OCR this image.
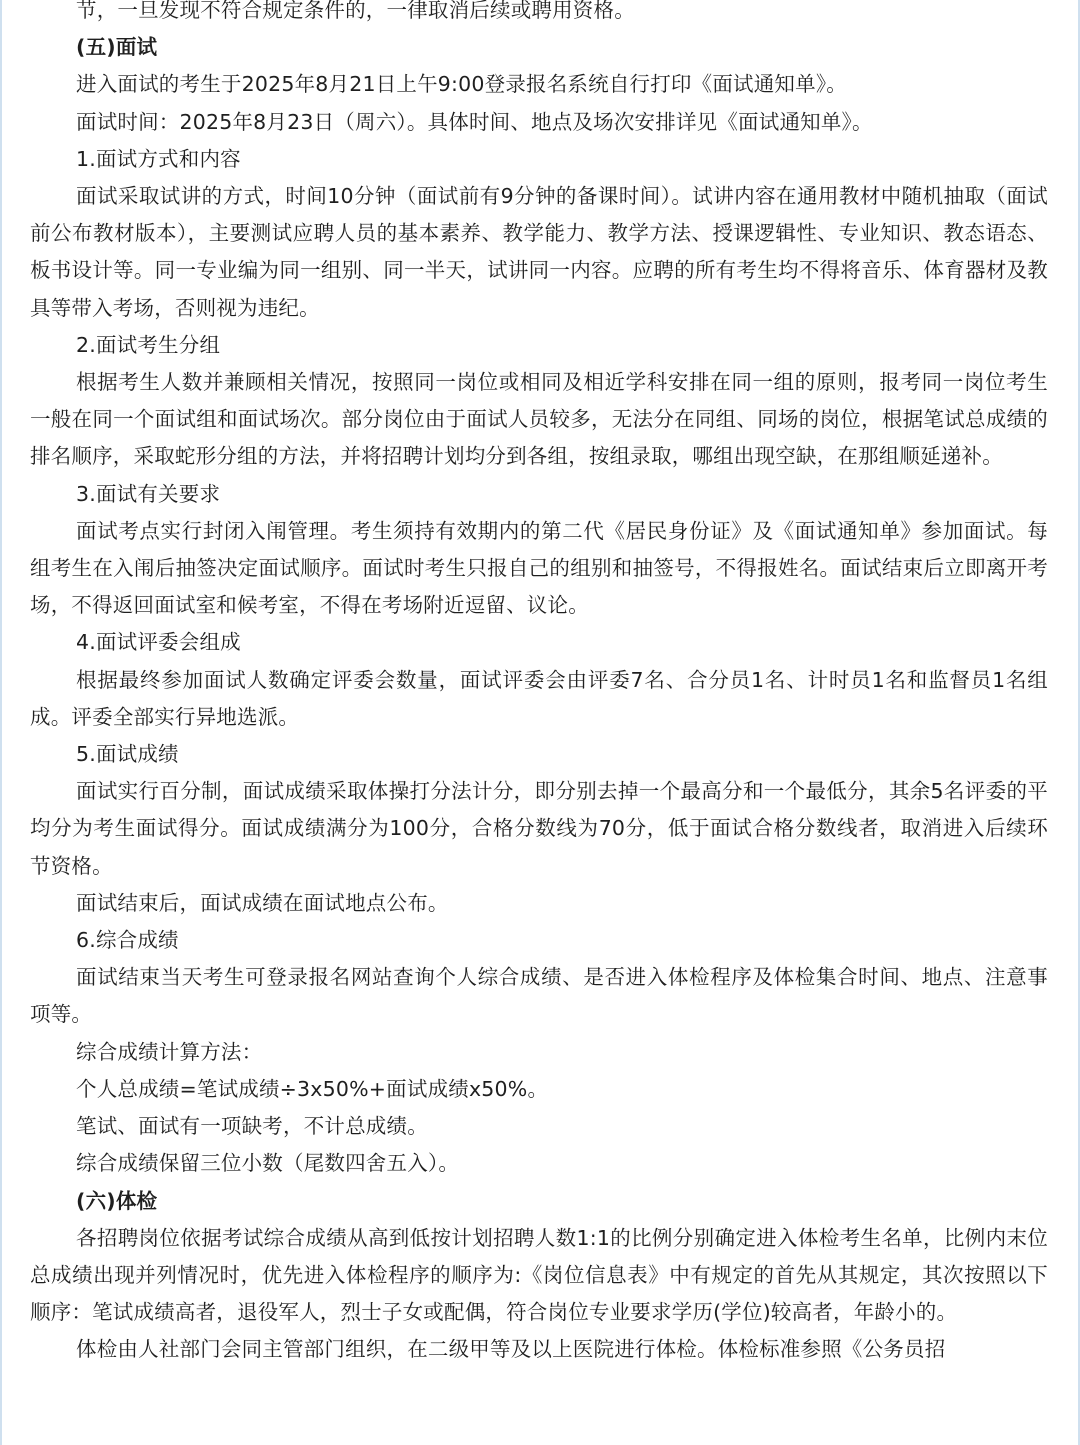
节，一旦发现不符合规定条件的，一律取消后续或聘用资格。

(五)面试

进入面试的考生于2025年8月21日上午9:00登录报名系统自行打印《面试通知单》。

面试时间：2025年8月23日（周六）。具体时间、地点及场次安排详见《面试通知单》。

1.面试方式和内容

面试采取试讲的方式，时间10分钟（面试前有9分钟的备课时间）。试讲内容在通用教材中随机抽取（面试前公布教材版本），主要测试应聘人员的基本素养、教学能力、教学方法、授课逻辑性、专业知识、教态语态、板书设计等。同一专业编为同一组别、同一半天，试讲同一内容。应聘的所有考生均不得将音乐、体育器材及教具等带入考场，否则视为违纪。

2.面试考生分组

根据考生人数并兼顾相关情况，按照同一岗位或相同及相近学科安排在同一组的原则，报考同一岗位考生一般在同一个面试组和面试场次。部分岗位由于面试人员较多，无法分在同组、同场的岗位，根据笔试总成绩的排名顺序，采取蛇形分组的方法，并将招聘计划均分到各组，按组录取，哪组出现空缺，在那组顺延递补。

3.面试有关要求

面试考点实行封闭入闱管理。考生须持有效期内的第二代《居民身份证》及《面试通知单》参加面试。每组考生在入闱后抽签决定面试顺序。面试时考生只报自己的组别和抽签号，不得报姓名。面试结束后立即离开考场，不得返回面试室和候考室，不得在考场附近逗留、议论。

4.面试评委会组成

根据最终参加面试人数确定评委会数量，面试评委会由评委7名、合分员1名、计时员1名和监督员1名组成。评委全部实行异地选派。

5.面试成绩

面试实行百分制，面试成绩采取体操打分法计分，即分别去掉一个最高分和一个最低分，其余5名评委的平均分为考生面试得分。面试成绩满分为100分，合格分数线为70分，低于面试合格分数线者，取消进入后续环节资格。

面试结束后，面试成绩在面试地点公布。

6.综合成绩

面试结束当天考生可登录报名网站查询个人综合成绩、是否进入体检程序及体检集合时间、地点、注意事项等。

综合成绩计算方法：

个人总成绩=笔试成绩÷3x50%+面试成绩x50%。

笔试、面试有一项缺考，不计总成绩。

综合成绩保留三位小数（尾数四舍五入）。

(六)体检

各招聘岗位依据考试综合成绩从高到低按计划招聘人数1:1的比例分别确定进入体检考生名单，比例内末位总成绩出现并列情况时，优先进入体检程序的顺序为:《岗位信息表》中有规定的首先从其规定，其次按照以下顺序：笔试成绩高者，退役军人，烈士子女或配偶，符合岗位专业要求学历(学位)较高者，年龄小的。

体检由人社部门会同主管部门组织，在二级甲等及以上医院进行体检。体检标准参照《公务员招
